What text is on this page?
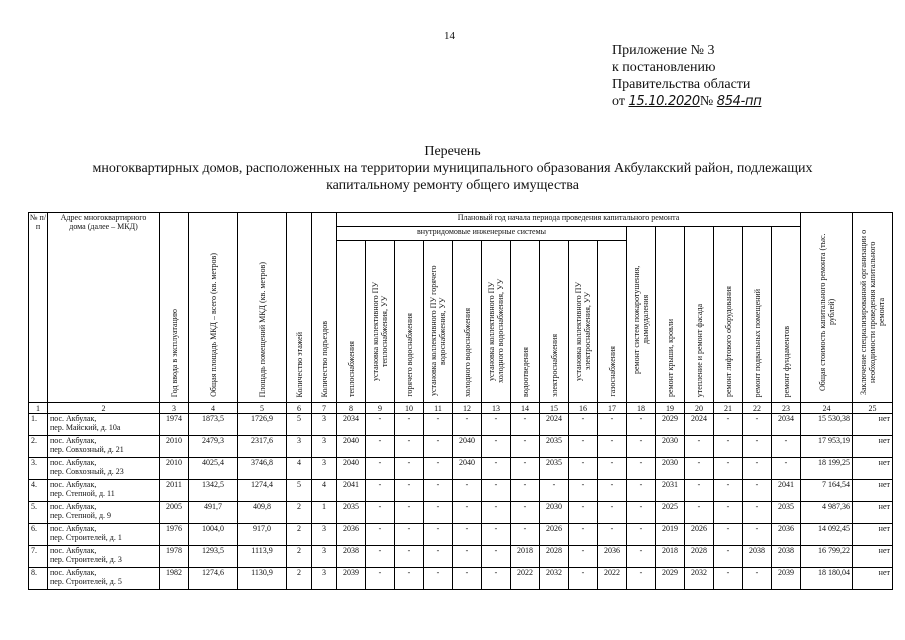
14
Приложение № 3
к постановлению
Правительства области
от 15.10.2020№ 854-пп
Перечень
многоквартирных домов, расположенных на территории муниципального образования Акбулакский район, подлежащих
капитальному ремонту общего имущества
№ п/п	Адрес многоквартирного дома (далее – МКД)	Год ввода в эксплуатацию	Общая площадь МКД – всего (кв. метров)	Площадь помещений МКД (кв. метров)	Количество этажей	Количество подъездов	Плановый год начала периода проведения капитального ремонта																Общая стоимость капитального ремонта (тыс. рублей)	Заключение специализированной организации о необходимости проведения капитального ремонта
							внутридомовые инженерные системы										ремонт систем пожаротушения, дымоудаления	ремонт крыши, кровли	утепление и ремонт фасада	ремонт лифтового оборудования	ремонт подвальных помещений	ремонт фундаментов		
							теплоснабжения	установка коллективного ПУ теплоснабжения, УУ	горячего водоснабжения	установка коллективного ПУ горячего водоснабжения, УУ	холодного водоснабжения	установка коллективного ПУ холодного водоснабжения, УУ	водоотведения	электроснабжения	установка коллективного ПУ электроснабжения, УУ	газоснабжения								
1	2	3	4	5	6	7	8	9	10	11	12	13	14	15	16	17	18	19	20	21	22	23	24	25
1.	пос. Акбулак,
пер. Майский, д. 10а	1974	1873,5	1726,9	5	3	2034	-	-	-	-	-	-	2024	-	-	-	2029	2024	-	-	2034	15 530,38	нет
2.	пос. Акбулак,
пер. Совхозный, д. 21	2010	2479,3	2317,6	3	3	2040	-	-	-	2040	-	-	2035	-	-	-	2030	-	-	-	-	17 953,19	нет
3.	пос. Акбулак,
пер. Совхозный, д. 23	2010	4025,4	3746,8	4	3	2040	-	-	-	2040	-	-	2035	-	-	-	2030	-	-	-	-	18 199,25	нет
4.	пос. Акбулак,
пер. Степной, д. 11	2011	1342,5	1274,4	5	4	2041	-	-	-	-	-	-	-	-	-	-	2031	-	-	-	2041	7 164,54	нет
5.	пос. Акбулак,
пер. Степной, д. 9	2005	491,7	409,8	2	1	2035	-	-	-	-	-	-	2030	-	-	-	2025	-	-	-	2035	4 987,36	нет
6.	пос. Акбулак,
пер. Строителей, д. 1	1976	1004,0	917,0	2	3	2036	-	-	-	-	-	-	2026	-	-	-	2019	2026	-	-	2036	14 092,45	нет
7.	пос. Акбулак,
пер. Строителей, д. 3	1978	1293,5	1113,9	2	3	2038	-	-	-	-	-	2018	2028	-	2036	-	2018	2028	-	2038	2038	16 799,22	нет
8.	пос. Акбулак,
пер. Строителей, д. 5	1982	1274,6	1130,9	2	3	2039	-	-	-	-	-	2022	2032	-	2022	-	2029	2032	-	-	2039	18 180,04	нет
